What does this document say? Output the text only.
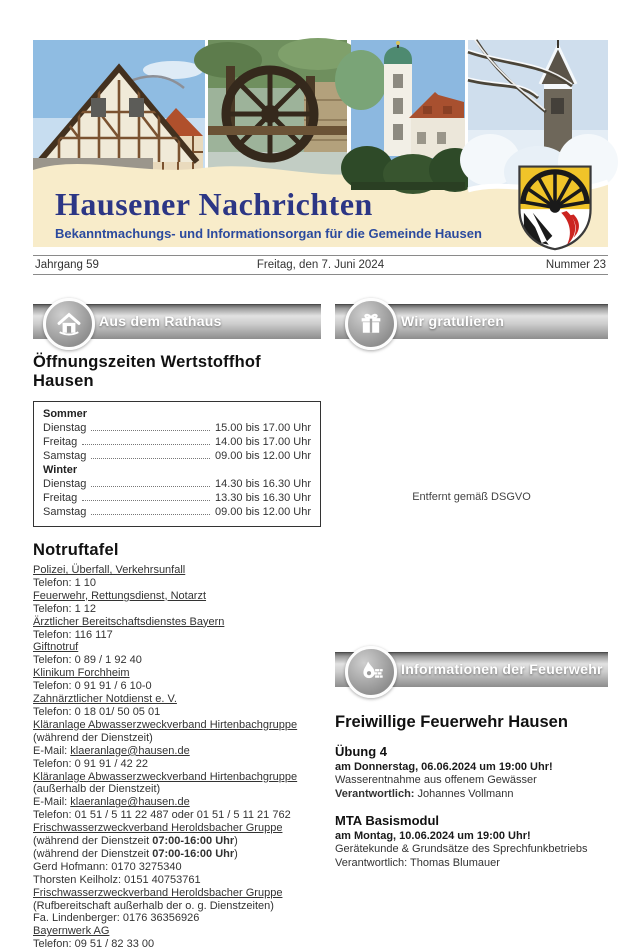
Hausener Nachrichten
Bekanntmachungs- und Informationsorgan für die Gemeinde Hausen
Jahrgang 59	Freitag, den 7. Juni 2024	Nummer 23
Aus dem Rathaus
Öffnungszeiten Wertstoffhof Hausen
Sommer
Dienstag	15.00 bis 17.00 Uhr
Freitag	14.00 bis 17.00 Uhr
Samstag	09.00 bis 12.00 Uhr
Winter
Dienstag	14.30 bis 16.30 Uhr
Freitag	13.30 bis 16.30 Uhr
Samstag	09.00 bis 12.00 Uhr
Notruftafel
Polizei, Überfall, Verkehrsunfall
Telefon: 1 10
Feuerwehr, Rettungsdienst, Notarzt
Telefon: 1 12
Ärztlicher Bereitschaftsdienstes Bayern
Telefon: 116 117
Giftnotruf
Telefon: 0 89 / 1 92 40
Klinikum Forchheim
Telefon: 0 91 91 / 6 10-0
Zahnärztlicher Notdienst e. V.
Telefon: 0 18 01/ 50 05 01
Kläranlage Abwasserzweckverband Hirtenbachgruppe
(während der Dienstzeit)
E-Mail: klaeranlage@hausen.de
Telefon: 0 91 91 / 42 22
Kläranlage Abwasserzweckverband Hirtenbachgruppe
(außerhalb der Dienstzeit)
E-Mail: klaeranlage@hausen.de
Telefon: 01 51 / 5 11 22 487 oder 01 51 / 5 11 21 762
Frischwasserzweckverband Heroldsbacher Gruppe
(während der Dienstzeit 07:00-16:00 Uhr)
(während der Dienstzeit 07:00-16:00 Uhr)
Gerd Hofmann: 0170 3275340
Thorsten Keilholz: 0151 40753761
Frischwasserzweckverband Heroldsbacher Gruppe
(Rufbereitschaft außerhalb der o. g. Dienstzeiten)
Fa. Lindenberger: 0176 36356926
Bayernwerk AG
Telefon: 09 51 / 82 33 00
Wir gratulieren
Entfernt gemäß DSGVO
Informationen der Feuerwehr
Freiwillige Feuerwehr Hausen
Übung 4
am Donnerstag, 06.06.2024 um 19:00 Uhr!
Wasserentnahme aus offenem Gewässer
Verantwortlich: Johannes Vollmann
MTA Basismodul
am Montag, 10.06.2024 um 19:00 Uhr!
Gerätekunde & Grundsätze des Sprechfunkbetriebs
Verantwortlich: Thomas Blumauer
